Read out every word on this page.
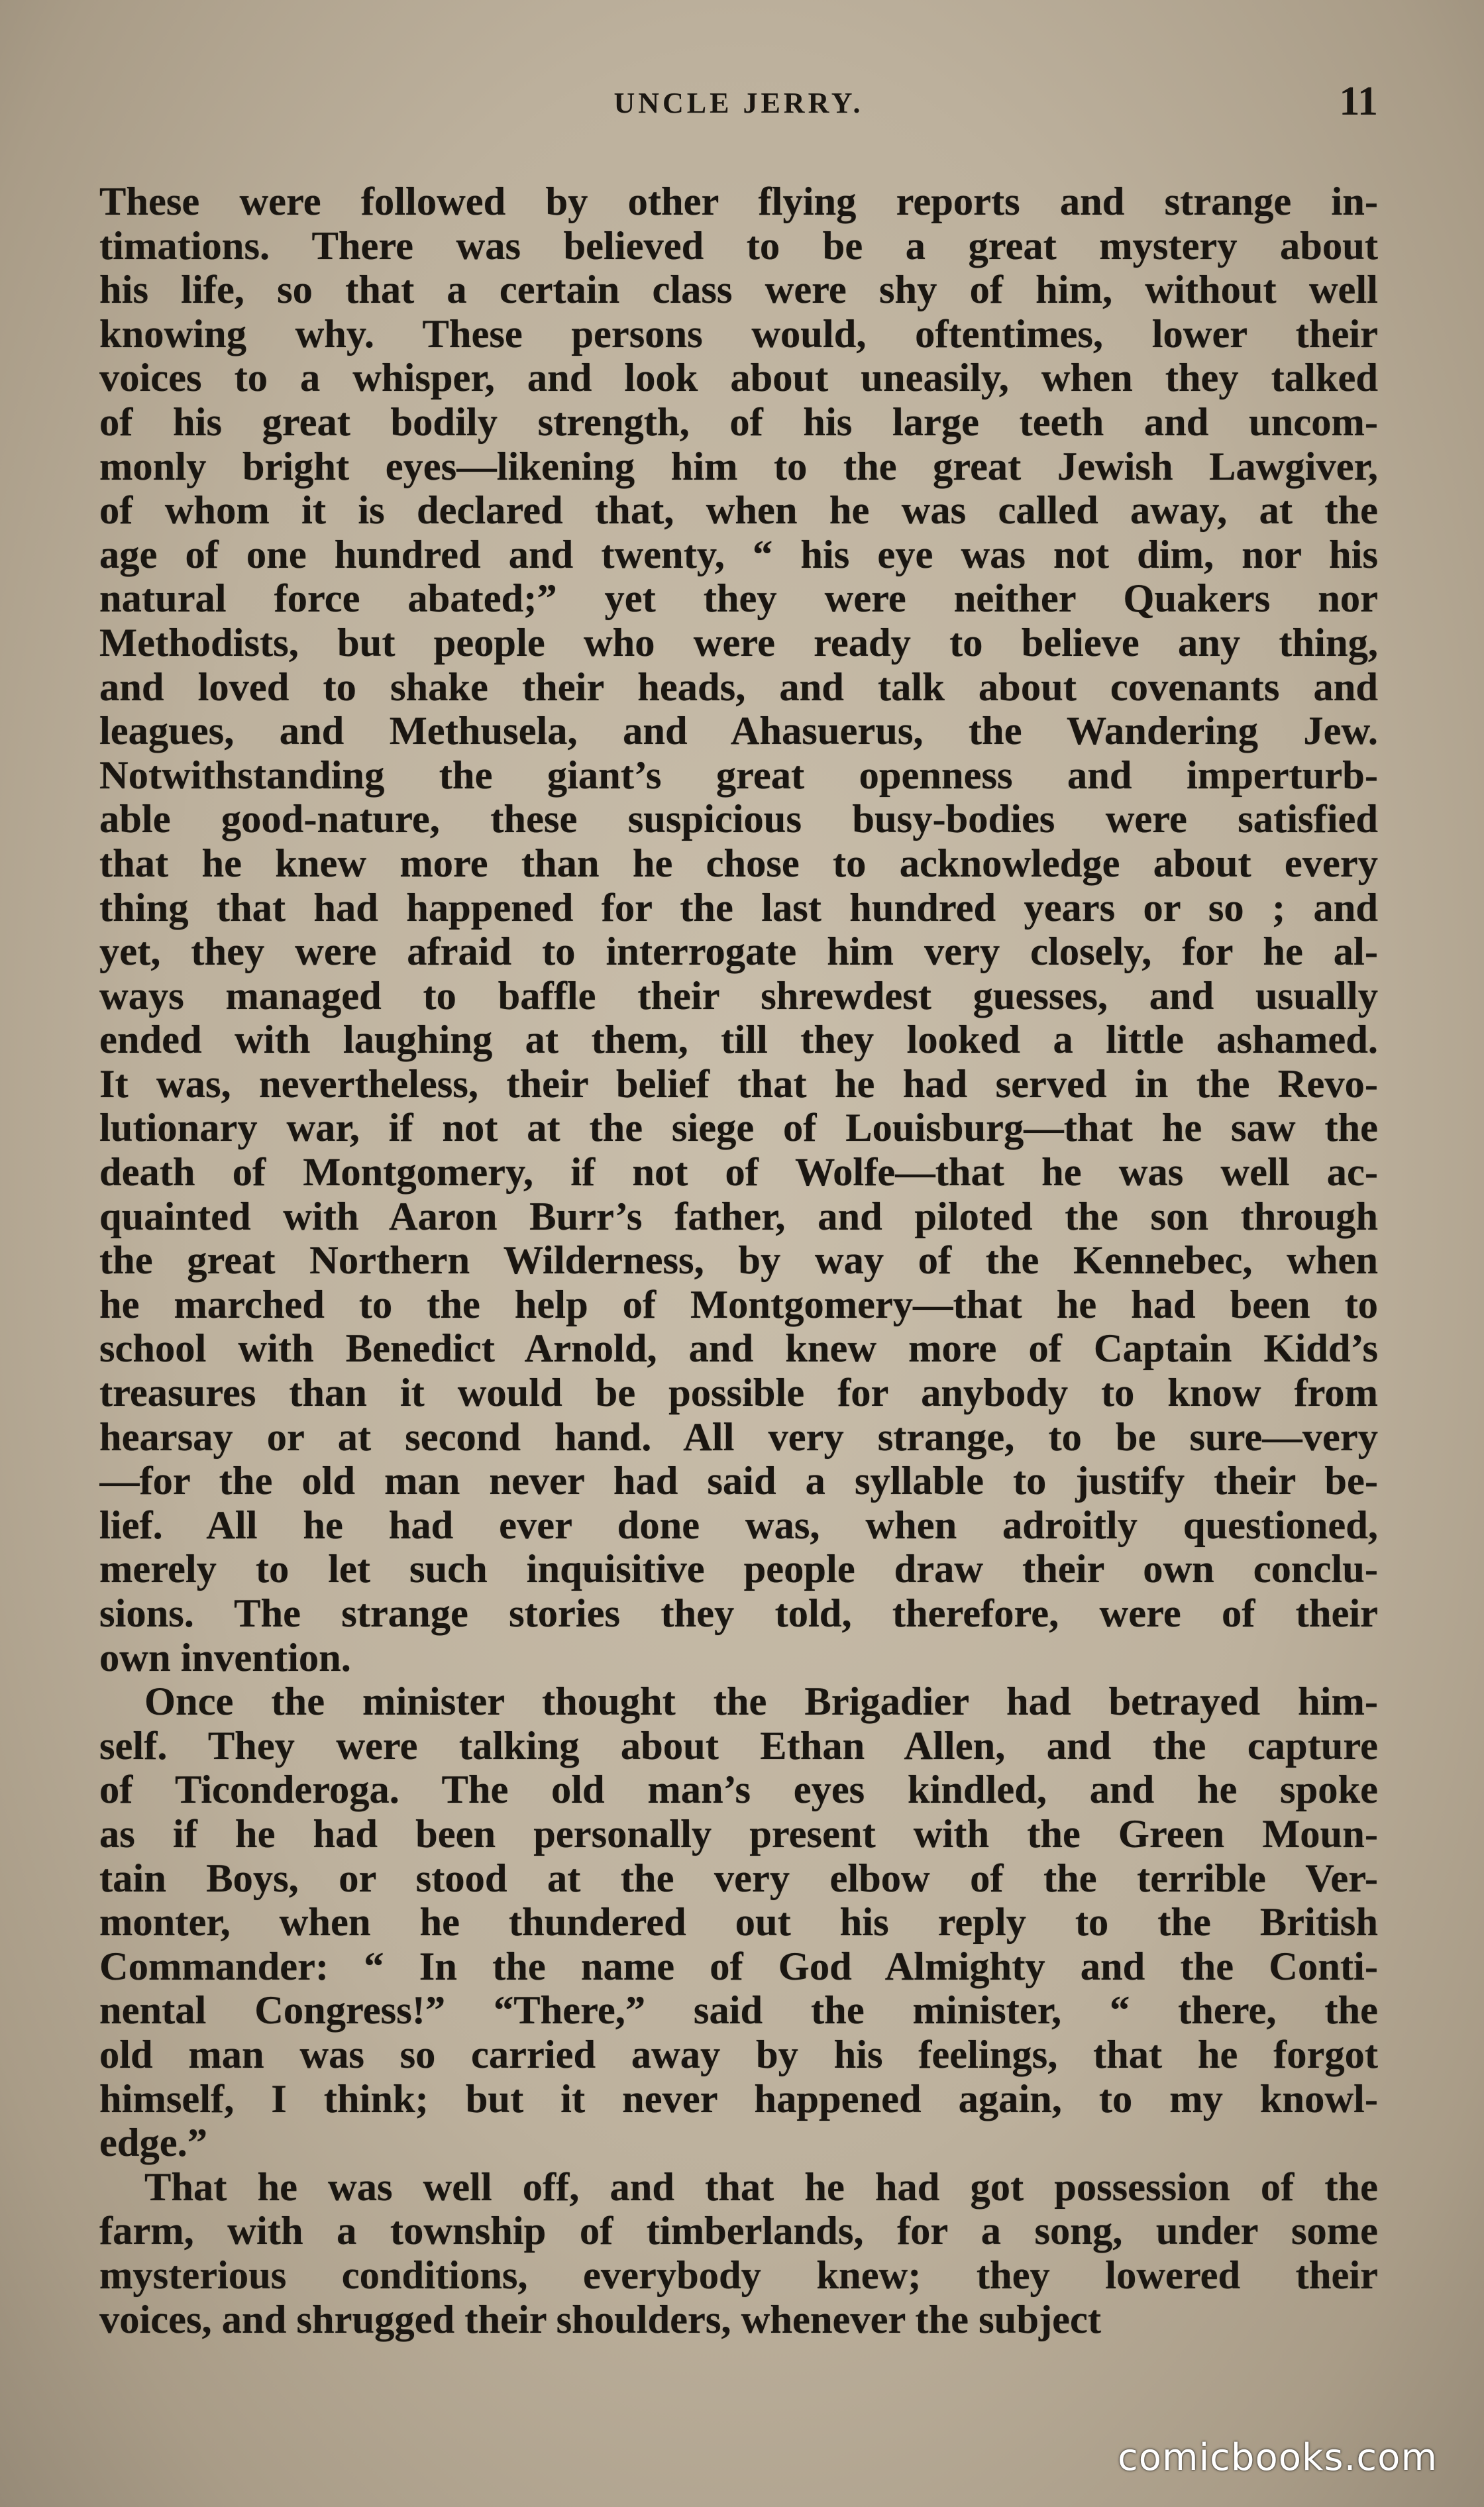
UNCLE JERRY.	11
These were followed by other flying reports and strange in-
timations. There was believed to be a great mystery about
his life, so that a certain class were shy of him, without well
knowing why. These persons would, oftentimes, lower their
voices to a whisper, and look about uneasily, when they talked
of his great bodily strength, of his large teeth and uncom-
monly bright eyes—likening him to the great Jewish Lawgiver,
of whom it is declared that, when he was called away, at the
age of one hundred and twenty, “ his eye was not dim, nor his
natural force abated;” yet they were neither Quakers nor
Methodists, but people who were ready to believe any thing,
and loved to shake their heads, and talk about covenants and
leagues, and Methusela, and Ahasuerus, the Wandering Jew.
Notwithstanding the giant’s great openness and imperturb-
able good-nature, these suspicious busy-bodies were satisfied
that he knew more than he chose to acknowledge about every
thing that had happened for the last hundred years or so ; and
yet, they were afraid to interrogate him very closely, for he al-
ways managed to baffle their shrewdest guesses, and usually
ended with laughing at them, till they looked a little ashamed.
It was, nevertheless, their belief that he had served in the Revo-
lutionary war, if not at the siege of Louisburg—that he saw the
death of Montgomery, if not of Wolfe—that he was well ac-
quainted with Aaron Burr’s father, and piloted the son through
the great Northern Wilderness, by way of the Kennebec, when
he marched to the help of Montgomery—that he had been to
school with Benedict Arnold, and knew more of Captain Kidd’s
treasures than it would be possible for anybody to know from
hearsay or at second hand. All very strange, to be sure—very
—for the old man never had said a syllable to justify their be-
lief. All he had ever done was, when adroitly questioned,
merely to let such inquisitive people draw their own conclu-
sions. The strange stories they told, therefore, were of their
own invention.
Once the minister thought the Brigadier had betrayed him-
self. They were talking about Ethan Allen, and the capture
of Ticonderoga. The old man’s eyes kindled, and he spoke
as if he had been personally present with the Green Moun-
tain Boys, or stood at the very elbow of the terrible Ver-
monter, when he thundered out his reply to the British
Commander: “ In the name of God Almighty and the Conti-
nental Congress!” “There,” said the minister, “ there, the
old man was so carried away by his feelings, that he forgot
himself, I think; but it never happened again, to my knowl-
edge.”
That he was well off, and that he had got possession of the
farm, with a township of timberlands, for a song, under some
mysterious conditions, everybody knew; they lowered their
voices, and shrugged their shoulders, whenever the subject
comicbooks.com
